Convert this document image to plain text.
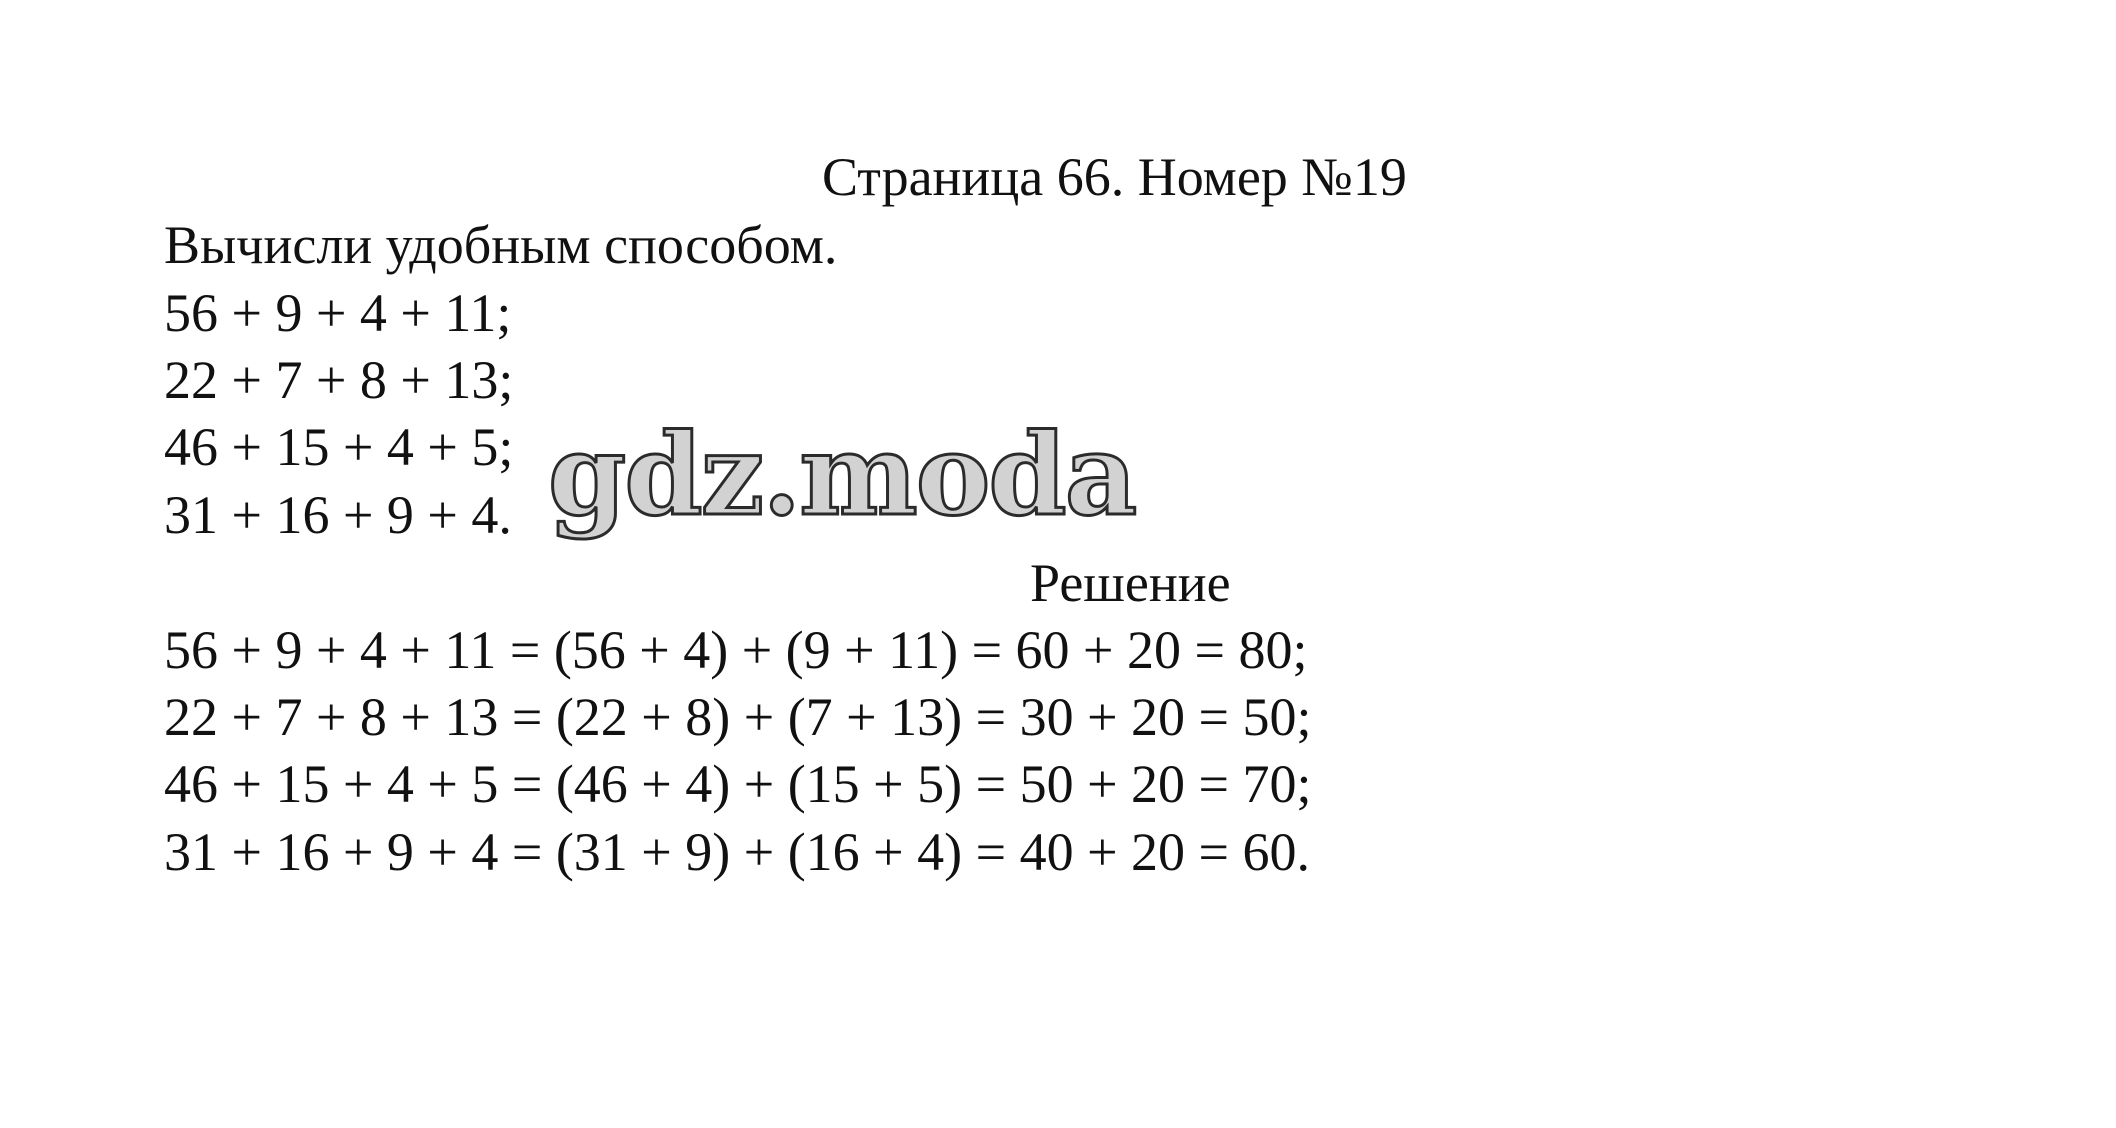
Страница 66. Номер №19
Вычисли удобным способом.
56 + 9 + 4 + 11;
22 + 7 + 8 + 13;
46 + 15 + 4 + 5;
31 + 16 + 9 + 4.
Решение
56 + 9 + 4 + 11 = (56 + 4) + (9 + 11) = 60 + 20 = 80;
22 + 7 + 8 + 13 = (22 + 8) + (7 + 13) = 30 + 20 = 50;
46 + 15 + 4 + 5 = (46 + 4) + (15 + 5) = 50 + 20 = 70;
31 + 16 + 9 + 4 = (31 + 9) + (16 + 4) = 40 + 20 = 60.
gdz.moda
